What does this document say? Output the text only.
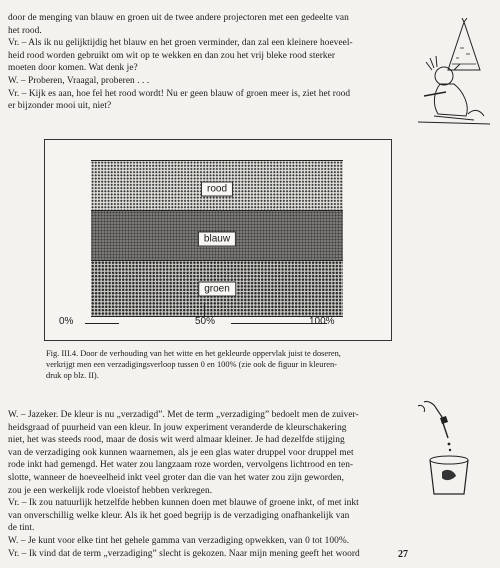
door de menging van blauw en groen uit de twee andere projectoren met een gedeelte van

het rood.

Vr. – Als ik nu gelijktijdig het blauw en het groen verminder, dan zal een kleinere hoeveel-

heid rood worden gebruikt om wit op te wekken en dan zou het vrij bleke rood sterker

moeten door komen. Wat denk je?

W. – Proberen, Vraagal, proberen . . .

Vr. – Kijk es aan, hoe fel het rood wordt! Nu er geen blauw of groen meer is, ziet het rood

er bijzonder mooi uit, niet?

rood
blauw
groen
0%	50%	100%

Fig. III.4. Door de verhouding van het witte en het gekleurde oppervlak juist te doseren,

verkrijgt men een verzadigingsverloop tussen 0 en 100% (zie ook de figuur in kleuren-

druk op blz. II).

W. – Jazeker. De kleur is nu „verzadigd”. Met de term „verzadiging” bedoelt men de zuiver-

heidsgraad of puurheid van een kleur. In jouw experiment veranderde de kleurschakering

niet, het was steeds rood, maar de dosis wit werd almaar kleiner. Je had dezelfde stijging

van de verzadiging ook kunnen waarnemen, als je een glas water druppel voor druppel met

rode inkt had gemengd. Het water zou langzaam roze worden, vervolgens lichtrood en ten-

slotte, wanneer de hoeveelheid inkt veel groter dan die van het water zou zijn geworden,

zou je een werkelijk rode vloeistof hebben verkregen.

Vr. – Ik zou natuurlijk hetzelfde hebben kunnen doen met blauwe of groene inkt, of met inkt

van onverschillig welke kleur. Als ik het goed begrijp is de verzadiging onafhankelijk van

de tint.

W. – Je kunt voor elke tint het gehele gamma van verzadiging opwekken, van 0 tot 100%.

Vr. – Ik vind dat de term „verzadiging” slecht is gekozen. Naar mijn mening geeft het woord	27
